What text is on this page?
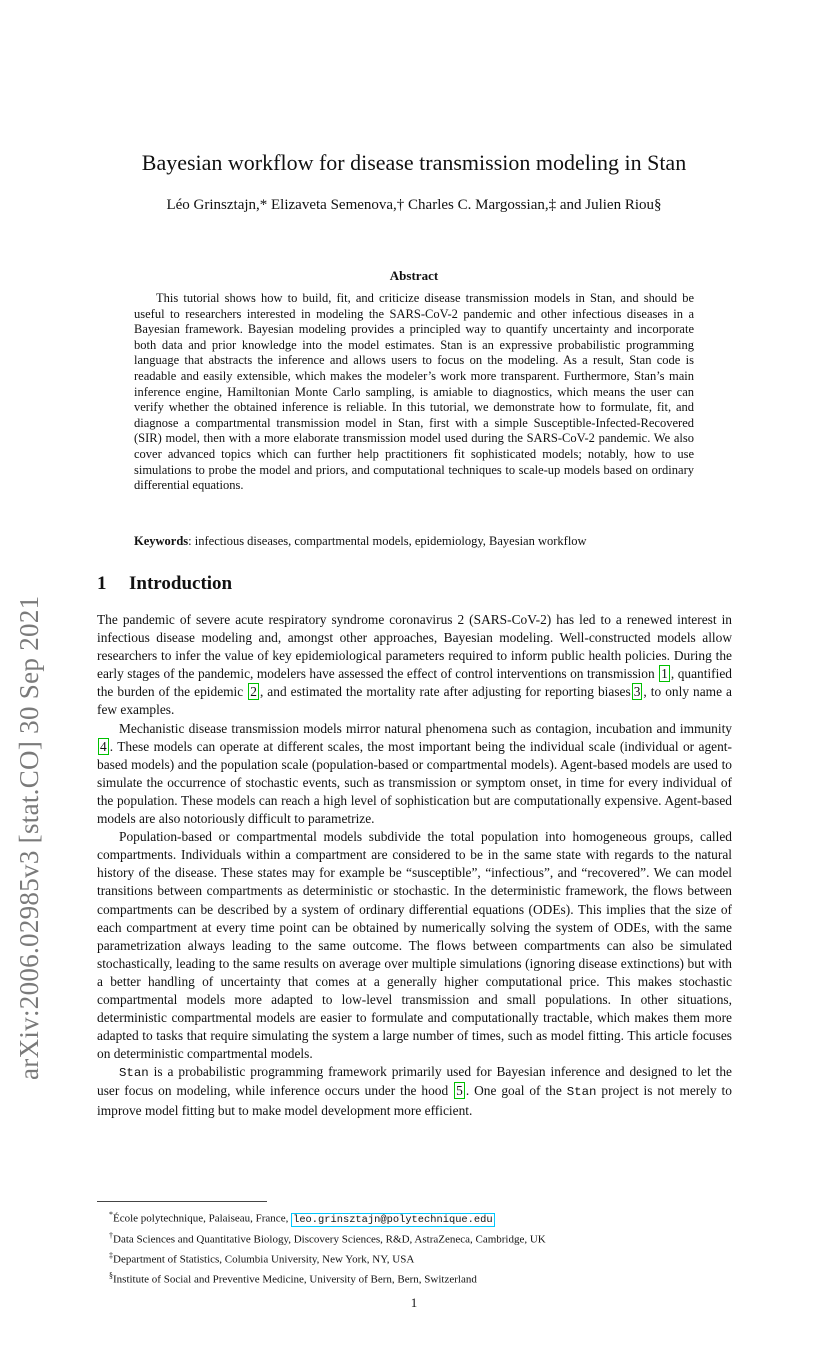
arXiv:2006.02985v3 [stat.CO] 30 Sep 2021
Bayesian workflow for disease transmission modeling in Stan
Léo Grinsztajn,* Elizaveta Semenova,† Charles C. Margossian,‡ and Julien Riou§
Abstract
This tutorial shows how to build, fit, and criticize disease transmission models in Stan, and should be useful to researchers interested in modeling the SARS-CoV-2 pandemic and other infectious diseases in a Bayesian framework. Bayesian modeling provides a principled way to quantify uncertainty and incorporate both data and prior knowledge into the model estimates. Stan is an expressive probabilistic programming language that abstracts the inference and allows users to focus on the modeling. As a result, Stan code is readable and easily extensible, which makes the modeler’s work more transparent. Furthermore, Stan’s main inference engine, Hamiltonian Monte Carlo sampling, is amiable to diagnostics, which means the user can verify whether the obtained inference is reliable. In this tutorial, we demonstrate how to formulate, fit, and diagnose a compartmental transmission model in Stan, first with a simple Susceptible-Infected-Recovered (SIR) model, then with a more elaborate transmission model used during the SARS-CoV-2 pandemic. We also cover advanced topics which can further help practitioners fit sophisticated models; notably, how to use simulations to probe the model and priors, and computational techniques to scale-up models based on ordinary differential equations.
Keywords: infectious diseases, compartmental models, epidemiology, Bayesian workflow
1 Introduction

The pandemic of severe acute respiratory syndrome coronavirus 2 (SARS-CoV-2) has led to a renewed interest in infectious disease modeling and, amongst other approaches, Bayesian modeling. Well-constructed models allow researchers to infer the value of key epidemiological parameters required to inform public health policies. During the early stages of the pandemic, modelers have assessed the effect of control interventions on transmission 1 , quantified the burden of the epidemic 2 , and estimated the mortality rate after adjusting for reporting biases 3 , to only name a few examples.

Mechanistic disease transmission models mirror natural phenomena such as contagion, incubation and immunity 4 . These models can operate at different scales, the most important being the individual scale (individual or agent-based models) and the population scale (population-based or compartmental models). Agent-based models are used to simulate the occurrence of stochastic events, such as transmission or symptom onset, in time for every individual of the population. These models can reach a high level of sophistication but are computationally expensive. Agent-based models are also notoriously difficult to parametrize.

Population-based or compartmental models subdivide the total population into homogeneous groups, called compartments. Individuals within a compartment are considered to be in the same state with regards to the natural history of the disease. These states may for example be “susceptible”, “infectious”, and “recovered”. We can model transitions between compartments as deterministic or stochastic. In the deterministic framework, the flows between compartments can be described by a system of ordinary differential equations (ODEs). This implies that the size of each compartment at every time point can be obtained by numerically solving the system of ODEs, with the same parametrization always leading to the same outcome. The flows between compartments can also be simulated stochastically, leading to the same results on average over multiple simulations (ignoring disease extinctions) but with a better handling of uncertainty that comes at a generally higher computational price. This makes stochastic compartmental models more adapted to low-level transmission and small populations. In other situations, deterministic compartmental models are easier to formulate and computationally tractable, which makes them more adapted to tasks that require simulating the system a large number of times, such as model fitting. This article focuses on deterministic compartmental models.

Stan is a probabilistic programming framework primarily used for Bayesian inference and designed to let the user focus on modeling, while inference occurs under the hood 5 . One goal of the Stan project is not merely to improve model fitting but to make model development more efficient.

*École polytechnique, Palaiseau, France, leo.grinsztajn@polytechnique.edu

†Data Sciences and Quantitative Biology, Discovery Sciences, R&D, AstraZeneca, Cambridge, UK

‡Department of Statistics, Columbia University, New York, NY, USA

§Institute of Social and Preventive Medicine, University of Bern, Bern, Switzerland

1
